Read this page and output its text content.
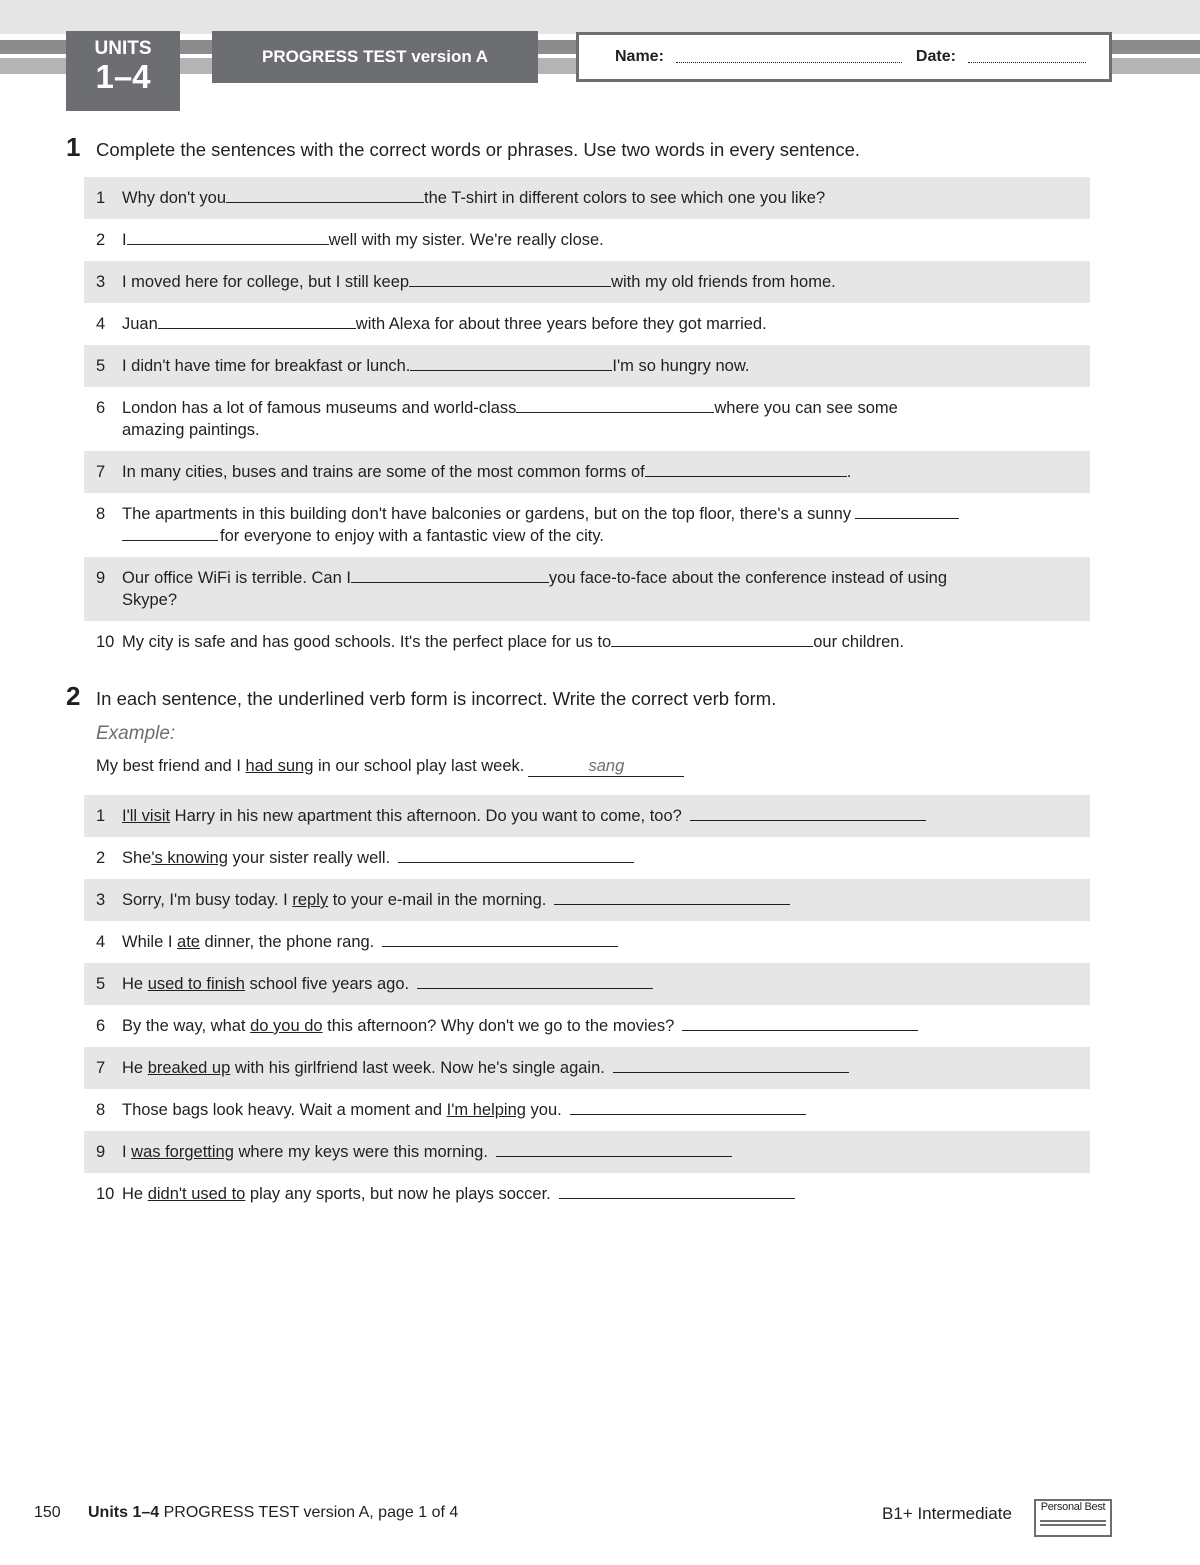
UNITS
1–4
PROGRESS TEST version A	Name:	Date:
1 Complete the sentences with the correct words or phrases. Use two words in every sentence.
1 Why don't you	the T-shirt in different colors to see which one you like?
2 I	well with my sister. We're really close.
3 I moved here for college, but I still keep	with my old friends from home.
4 Juan	with Alexa for about three years before they got married.
5 I didn't have time for breakfast or lunch.	I'm so hungry now.
6 London has a lot of famous museums and world-class	where you can see some
amazing paintings.
7 In many cities, buses and trains are some of the most common forms of	.
8 The apartments in this building don't have balconies or gardens, but on the top floor, there's a sunny
for everyone to enjoy with a fantastic view of the city.
9 Our office WiFi is terrible. Can I	you face-to-face about the conference instead of using
Skype?
10 My city is safe and has good schools. It's the perfect place for us to	our children.
2 In each sentence, the underlined verb form is incorrect. Write the correct verb form.
Example:
My best friend and I had sung in our school play last week.	sang
1 I'll visit Harry in his new apartment this afternoon. Do you want to come, too?
2 She's knowing your sister really well.
3 Sorry, I'm busy today. I reply to your e-mail in the morning.
4 While I ate dinner, the phone rang.
5 He used to finish school five years ago.
6 By the way, what do you do this afternoon? Why don't we go to the movies?
7 He breaked up with his girlfriend last week. Now he's single again.
8 Those bags look heavy. Wait a moment and I'm helping you.
9 I was forgetting where my keys were this morning.
10 He didn't used to play any sports, but now he plays soccer.
150 Units 1–4 PROGRESS TEST version A, page 1 of 4	B1+ Intermediate	Personal Best
